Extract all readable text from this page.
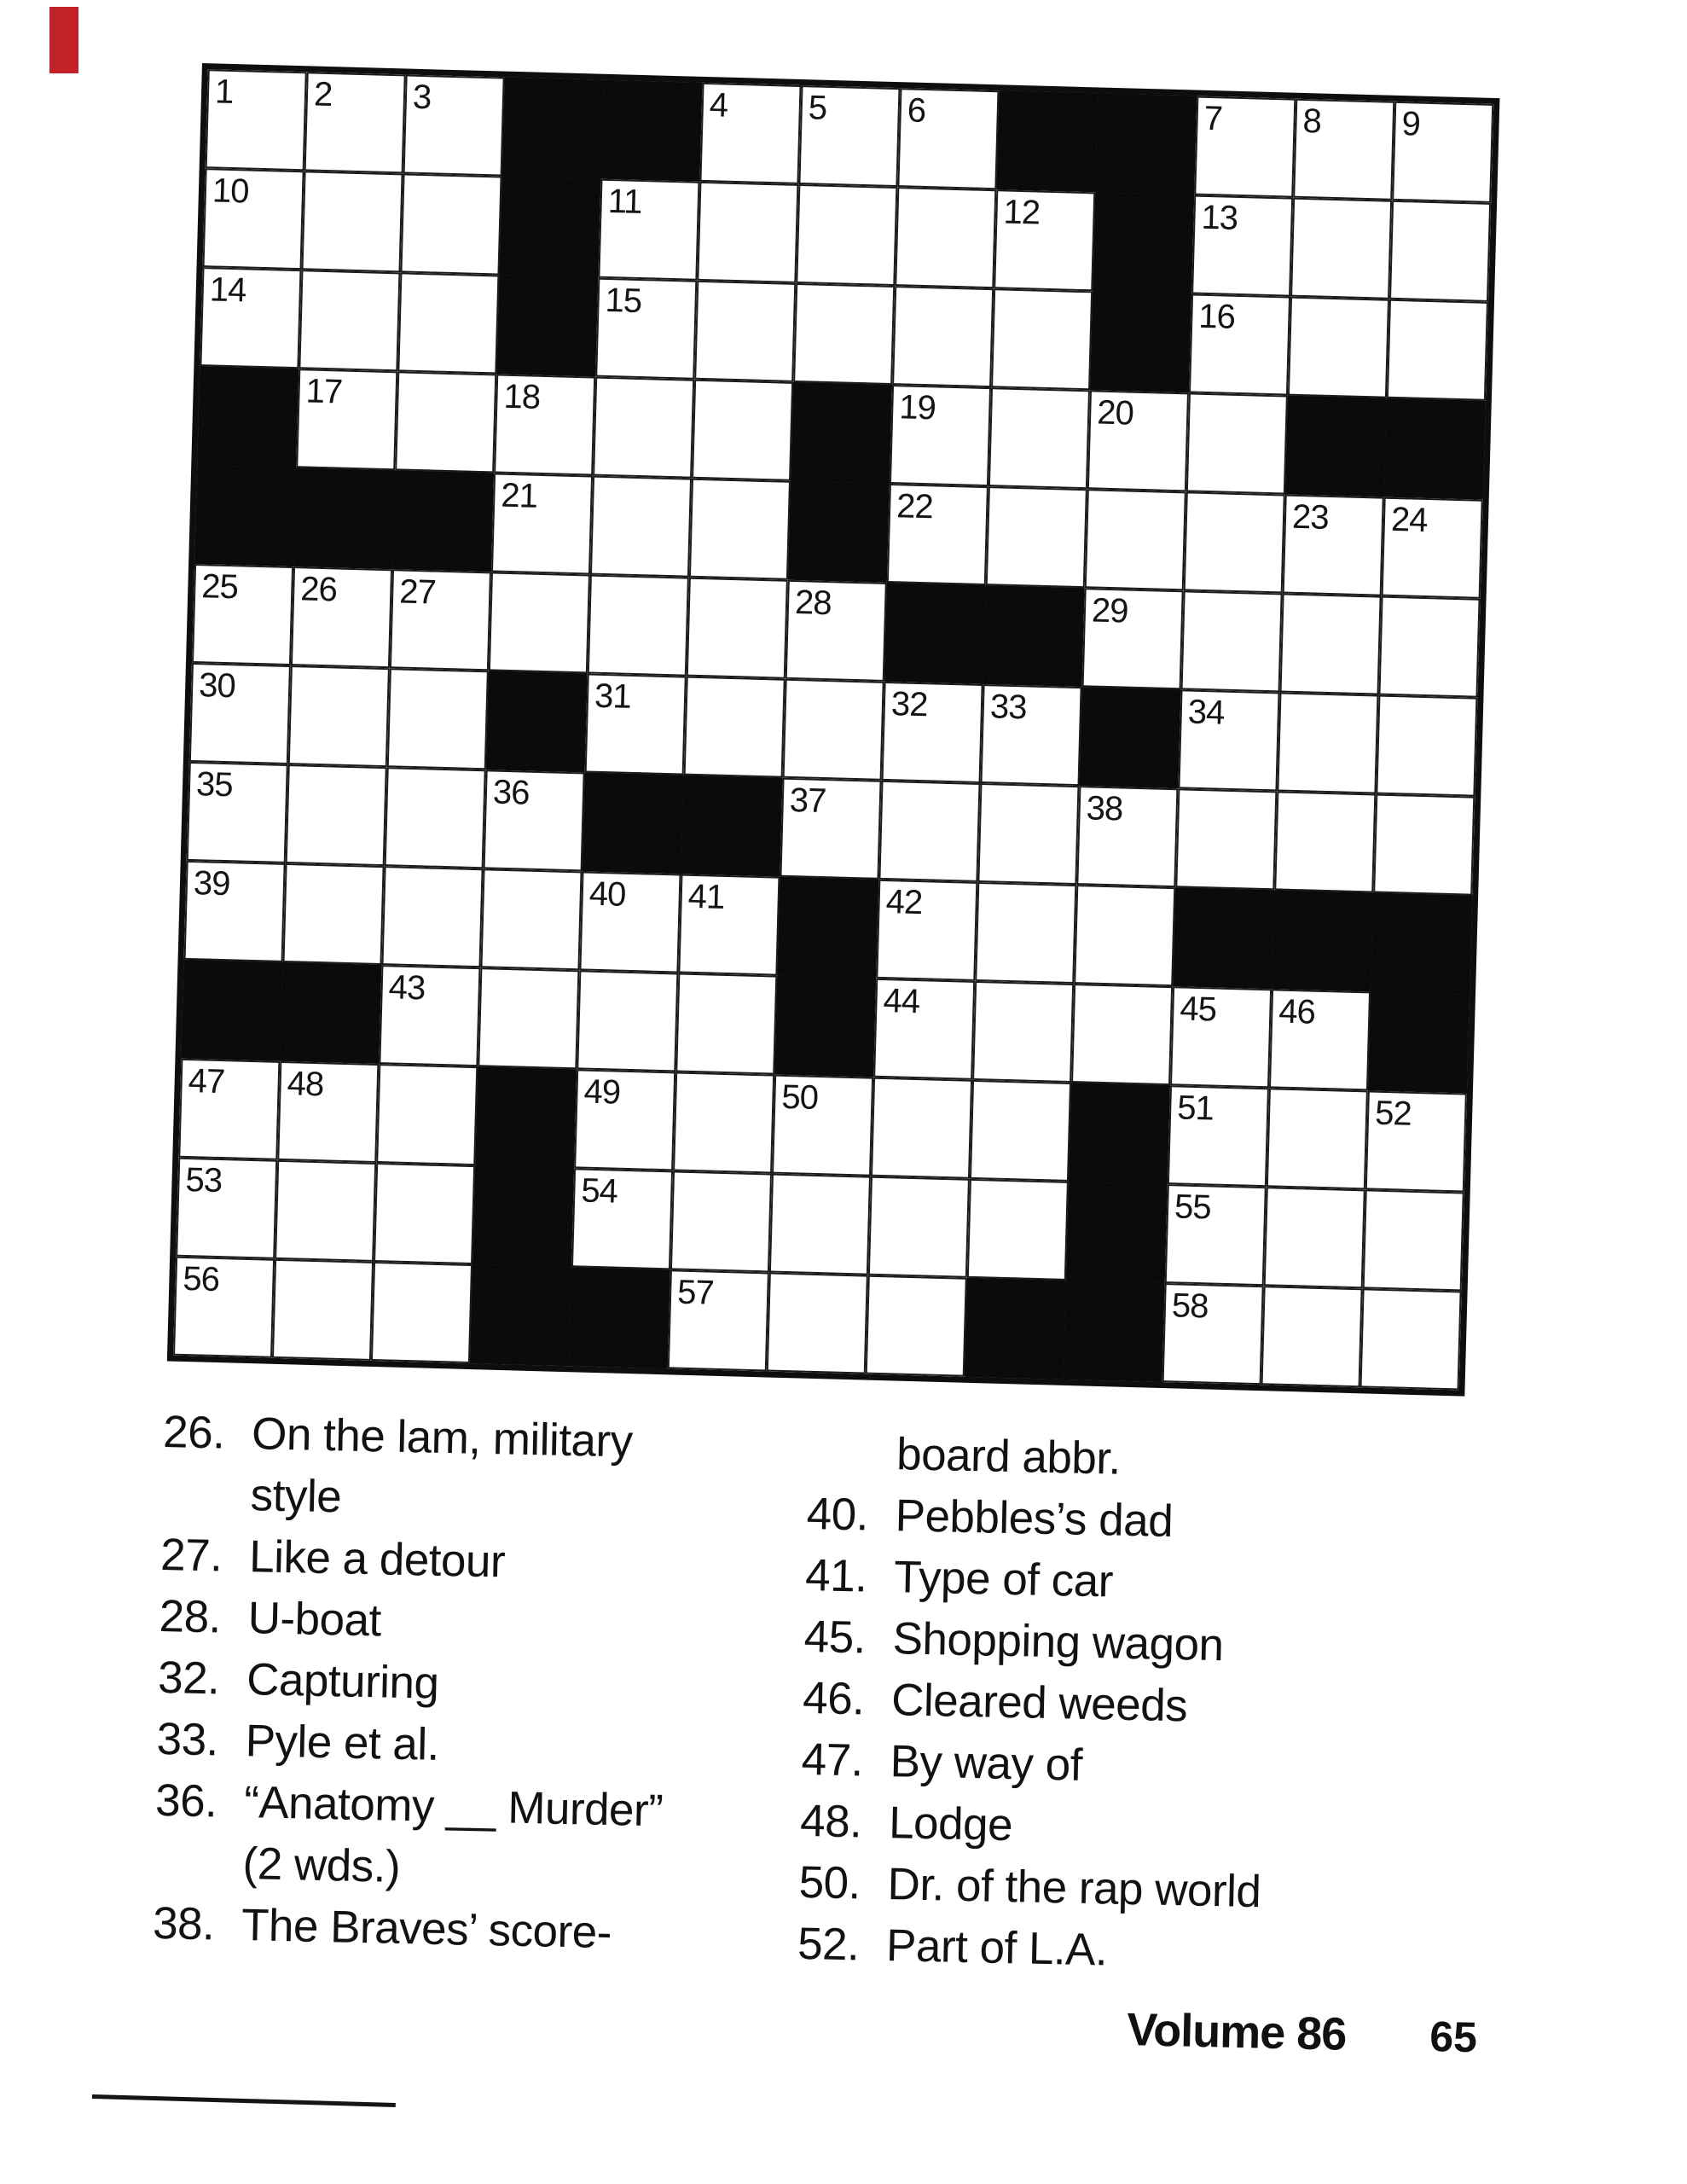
1 2 3	4 5 6	7 8 9
10	11	12	13
14	15	16
17	18	19	20
21	22	23 24
25 26 27	28	29
30	31	32 33	34
35	36	37	38
39	40 41	42
43	44	45 46
47 48	49	50	51	52
53	54	55
56	57	58
26. On the lam, military
style
27. Like a detour
28. U-boat
32. Capturing
33. Pyle et al.
36. “Anatomy __ Murder”
(2 wds.)
38. The Braves’ score-
board abbr.
40. Pebbles’s dad
41. Type of car
45. Shopping wagon
46. Cleared weeds
47. By way of
48. Lodge
50. Dr. of the rap world
52. Part of L.A.
Volume 86 65
